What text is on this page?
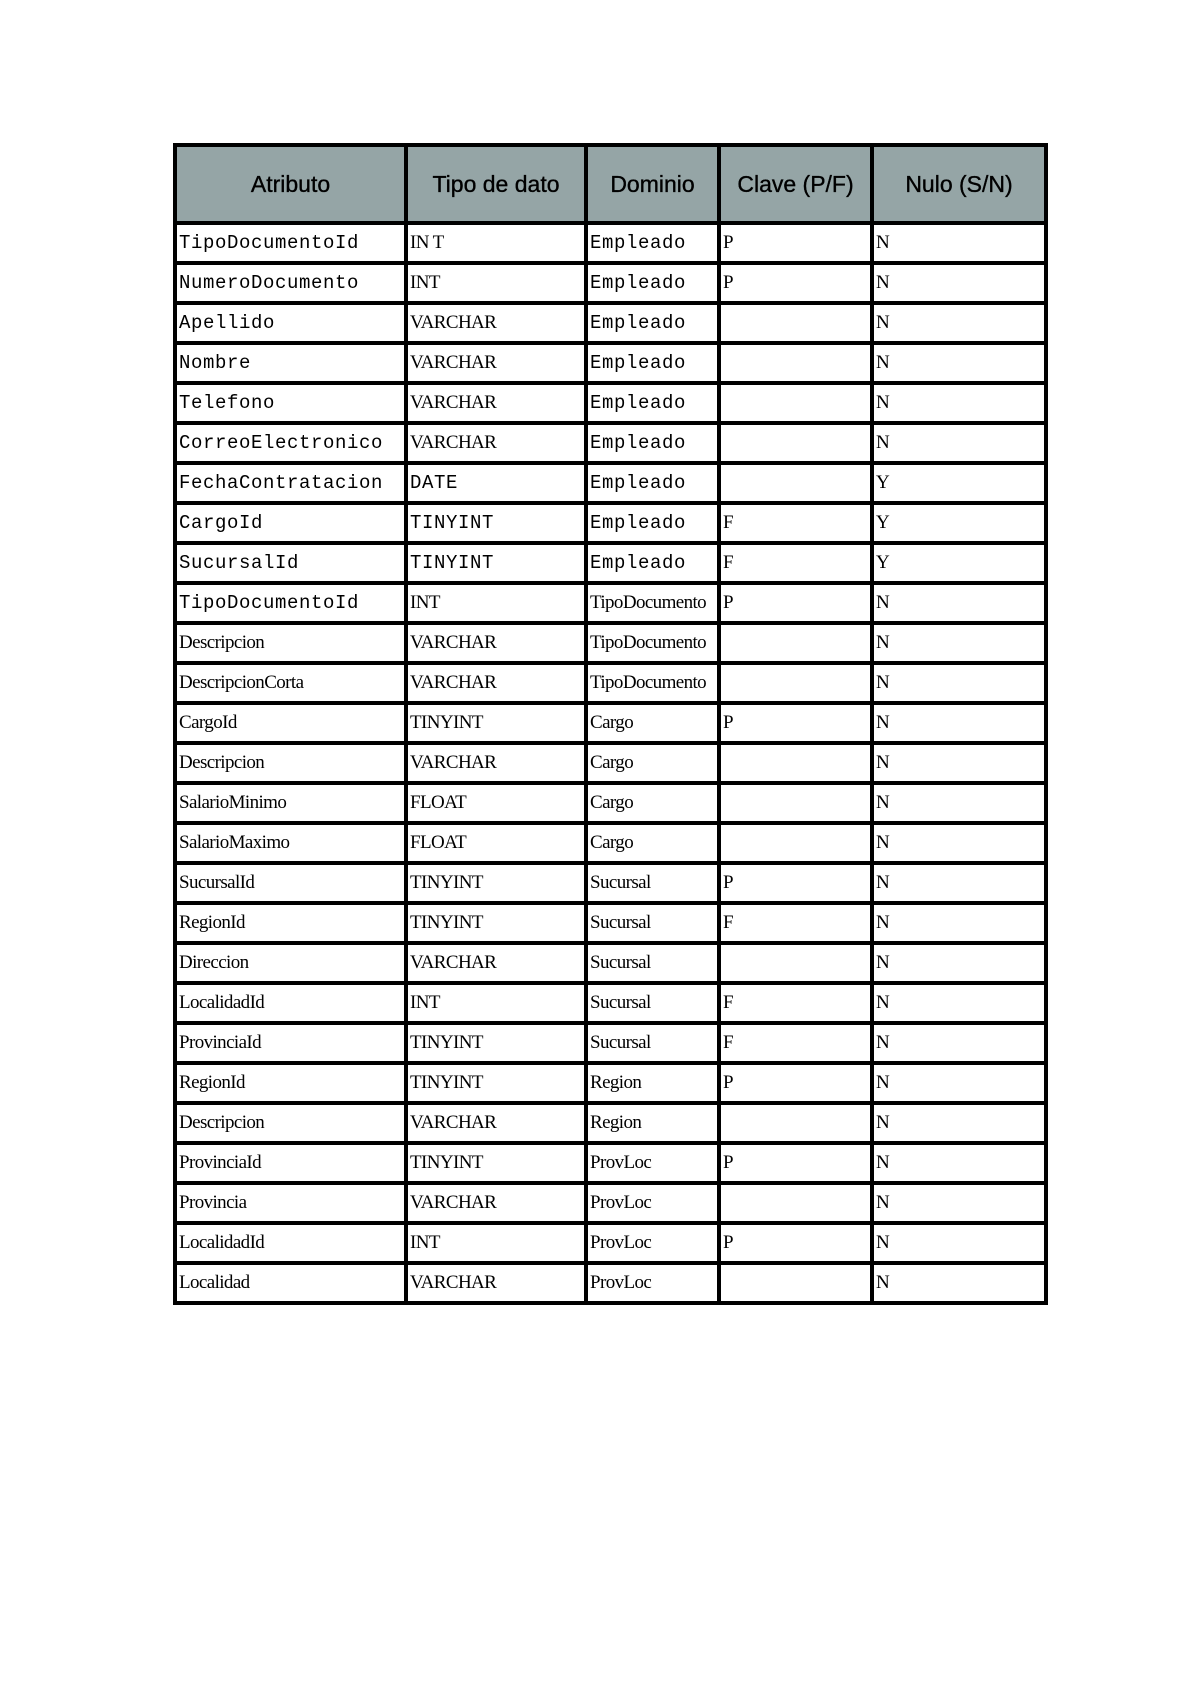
Atributo	Tipo de dato	Dominio	Clave (P/F)	Nulo (S/N)
TipoDocumentoId	IN T	Empleado	P	N
NumeroDocumento	INT	Empleado	P	N
Apellido	VARCHAR	Empleado		N
Nombre	VARCHAR	Empleado		N
Telefono	VARCHAR	Empleado		N
CorreoElectronico	VARCHAR	Empleado		N
FechaContratacion	DATE	Empleado		Y
CargoId	TINYINT	Empleado	F	Y
SucursalId	TINYINT	Empleado	F	Y
TipoDocumentoId	INT	TipoDocumento	P	N
Descripcion	VARCHAR	TipoDocumento		N
DescripcionCorta	VARCHAR	TipoDocumento		N
CargoId	TINYINT	Cargo	P	N
Descripcion	VARCHAR	Cargo		N
SalarioMinimo	FLOAT	Cargo		N
SalarioMaximo	FLOAT	Cargo		N
SucursalId	TINYINT	Sucursal	P	N
RegionId	TINYINT	Sucursal	F	N
Direccion	VARCHAR	Sucursal		N
LocalidadId	INT	Sucursal	F	N
ProvinciaId	TINYINT	Sucursal	F	N
RegionId	TINYINT	Region	P	N
Descripcion	VARCHAR	Region		N
ProvinciaId	TINYINT	ProvLoc	P	N
Provincia	VARCHAR	ProvLoc		N
LocalidadId	INT	ProvLoc	P	N
Localidad	VARCHAR	ProvLoc		N
